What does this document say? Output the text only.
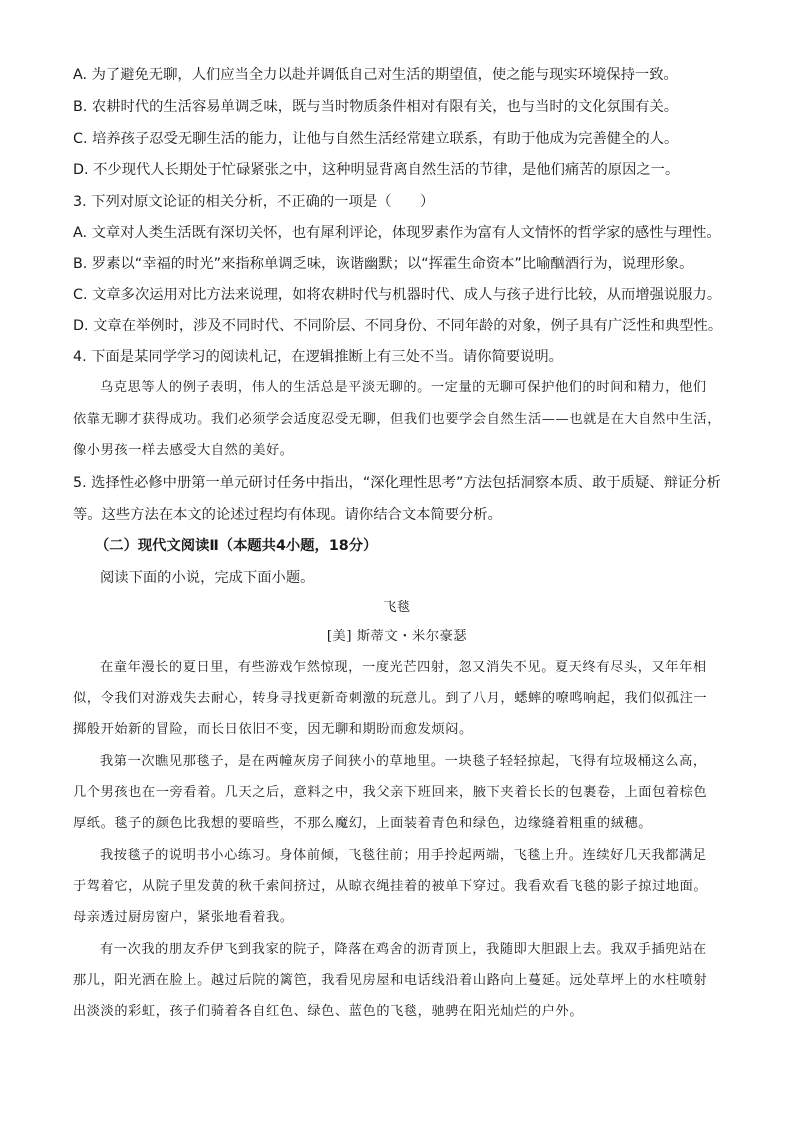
A. 为了避免无聊，人们应当全力以赴并调低自己对生活的期望值，使之能与现实环境保持一致。
B. 农耕时代的生活容易单调乏味，既与当时物质条件相对有限有关，也与当时的文化氛围有关。
C. 培养孩子忍受无聊生活的能力，让他与自然生活经常建立联系，有助于他成为完善健全的人。
D. 不少现代人长期处于忙碌紧张之中，这种明显背离自然生活的节律，是他们痛苦的原因之一。
3. 下列对原文论证的相关分析，不正确的一项是（　　）
A. 文章对人类生活既有深切关怀，也有犀利评论，体现罗素作为富有人文情怀的哲学家的感性与理性。
B. 罗素以“幸福的时光”来指称单调乏味，诙谐幽默；以“挥霍生命资本”比喻酗酒行为，说理形象。
C. 文章多次运用对比方法来说理，如将农耕时代与机器时代、成人与孩子进行比较，从而增强说服力。
D. 文章在举例时，涉及不同时代、不同阶层、不同身份、不同年龄的对象，例子具有广泛性和典型性。
4. 下面是某同学学习的阅读札记，在逻辑推断上有三处不当。请你简要说明。
乌克思等人的例子表明，伟人的生活总是平淡无聊的。一定量的无聊可保护他们的时间和精力，他们
依靠无聊才获得成功。我们必须学会适度忍受无聊，但我们也要学会自然生活——也就是在大自然中生活，
像小男孩一样去感受大自然的美好。
5. 选择性必修中册第一单元研讨任务中指出，“深化理性思考”方法包括洞察本质、敢于质疑、辩证分析
等。这些方法在本文的论述过程均有体现。请你结合文本简要分析。
（二）现代文阅读Ⅱ（本题共4小题，18分）
阅读下面的小说，完成下面小题。
飞毯
[美] 斯蒂文・米尔豪瑟
在童年漫长的夏日里，有些游戏乍然惊现，一度光芒四射，忽又消失不见。夏天终有尽头，又年年相
似，令我们对游戏失去耐心，转身寻找更新奇刺激的玩意儿。到了八月，蟋蟀的嘹鸣响起，我们似孤注一
掷般开始新的冒险，而长日依旧不变，因无聊和期盼而愈发烦闷。
我第一次瞧见那毯子，是在两幢灰房子间狭小的草地里。一块毯子轻轻掠起，飞得有垃圾桶这么高，
几个男孩也在一旁看着。几天之后，意料之中，我父亲下班回来，腋下夹着长长的包裹卷，上面包着棕色
厚纸。毯子的颜色比我想的要暗些，不那么魔幻，上面装着青色和绿色，边缘缝着粗重的絨穗。
我按毯子的说明书小心练习。身体前倾，飞毯往前；用手拎起两端，飞毯上升。连续好几天我都满足
于驾着它，从院子里发黄的秋千索间挤过，从晾衣绳挂着的被单下穿过。我看欢看飞毯的影子掠过地面。
母亲透过厨房窗户，紧张地看着我。
有一次我的朋友乔伊飞到我家的院子，降落在鸡舍的沥青顶上，我随即大胆跟上去。我双手插兜站在
那儿，阳光洒在脸上。越过后院的篱笆，我看见房屋和电话线沿着山路向上蔓延。远处草坪上的水柱喷射
出淡淡的彩虹，孩子们骑着各自红色、绿色、蓝色的飞毯，驰骋在阳光灿烂的户外。
